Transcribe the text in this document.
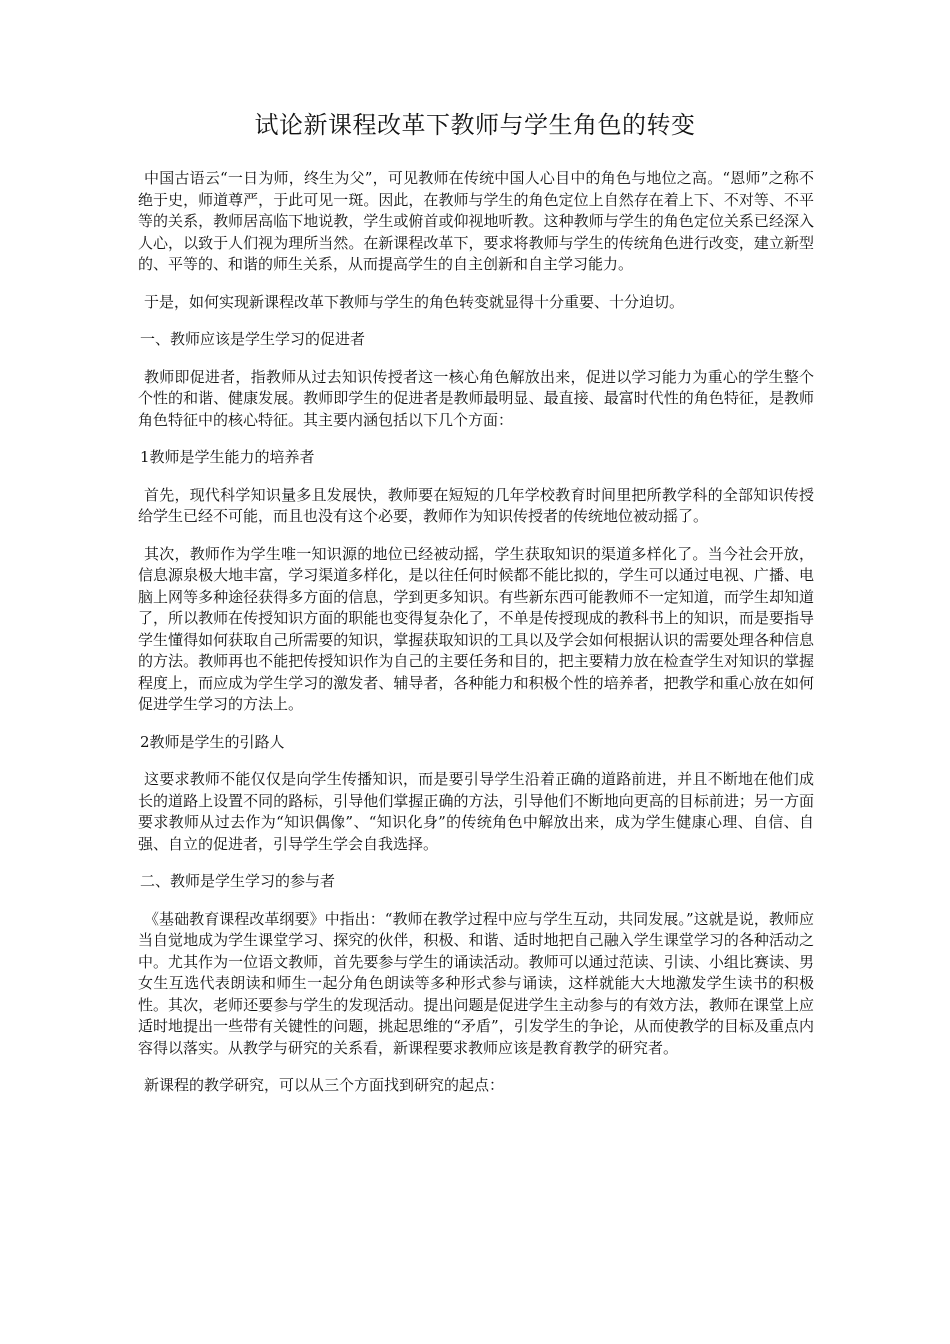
试论新课程改革下教师与学生角色的转变

中国古语云“一日为师，终生为父”，可见教师在传统中国人心目中的角色与地位之高。“恩师”之称不绝于史，师道尊严，于此可见一斑。因此，在教师与学生的角色定位上自然存在着上下、不对等、不平等的关系，教师居高临下地说教，学生或俯首或仰视地听教。这种教师与学生的角色定位关系已经深入人心，以致于人们视为理所当然。在新课程改革下，要求将教师与学生的传统角色进行改变，建立新型的、平等的、和谐的师生关系，从而提高学生的自主创新和自主学习能力。

于是，如何实现新课程改革下教师与学生的角色转变就显得十分重要、十分迫切。

一、教师应该是学生学习的促进者

教师即促进者，指教师从过去知识传授者这一核心角色解放出来，促进以学习能力为重心的学生整个个性的和谐、健康发展。教师即学生的促进者是教师最明显、最直接、最富时代性的角色特征，是教师角色特征中的核心特征。其主要内涵包括以下几个方面：

1教师是学生能力的培养者

首先，现代科学知识量多且发展快，教师要在短短的几年学校教育时间里把所教学科的全部知识传授给学生已经不可能，而且也没有这个必要，教师作为知识传授者的传统地位被动摇了。

其次，教师作为学生唯一知识源的地位已经被动摇，学生获取知识的渠道多样化了。当今社会开放，信息源泉极大地丰富，学习渠道多样化，是以往任何时候都不能比拟的，学生可以通过电视、广播、电脑上网等多种途径获得多方面的信息，学到更多知识。有些新东西可能教师不一定知道，而学生却知道了，所以教师在传授知识方面的职能也变得复杂化了，不单是传授现成的教科书上的知识，而是要指导学生懂得如何获取自己所需要的知识，掌握获取知识的工具以及学会如何根据认识的需要处理各种信息的方法。教师再也不能把传授知识作为自己的主要任务和目的，把主要精力放在检查学生对知识的掌握程度上，而应成为学生学习的激发者、辅导者，各种能力和积极个性的培养者，把教学和重心放在如何促进学生学习的方法上。

2教师是学生的引路人

这要求教师不能仅仅是向学生传播知识，而是要引导学生沿着正确的道路前进，并且不断地在他们成长的道路上设置不同的路标，引导他们掌握正确的方法，引导他们不断地向更高的目标前进；另一方面要求教师从过去作为“知识偶像”、“知识化身”的传统角色中解放出来，成为学生健康心理、自信、自强、自立的促进者，引导学生学会自我选择。

二、教师是学生学习的参与者

《基础教育课程改革纲要》中指出：“教师在教学过程中应与学生互动，共同发展。”这就是说，教师应当自觉地成为学生课堂学习、探究的伙伴，积极、和谐、适时地把自己融入学生课堂学习的各种活动之中。尤其作为一位语文教师，首先要参与学生的诵读活动。教师可以通过范读、引读、小组比赛读、男女生互选代表朗读和师生一起分角色朗读等多种形式参与诵读，这样就能大大地激发学生读书的积极性。其次，老师还要参与学生的发现活动。提出问题是促进学生主动参与的有效方法，教师在课堂上应适时地提出一些带有关键性的问题，挑起思维的“矛盾”，引发学生的争论，从而使教学的目标及重点内容得以落实。从教学与研究的关系看，新课程要求教师应该是教育教学的研究者。

新课程的教学研究，可以从三个方面找到研究的起点：
